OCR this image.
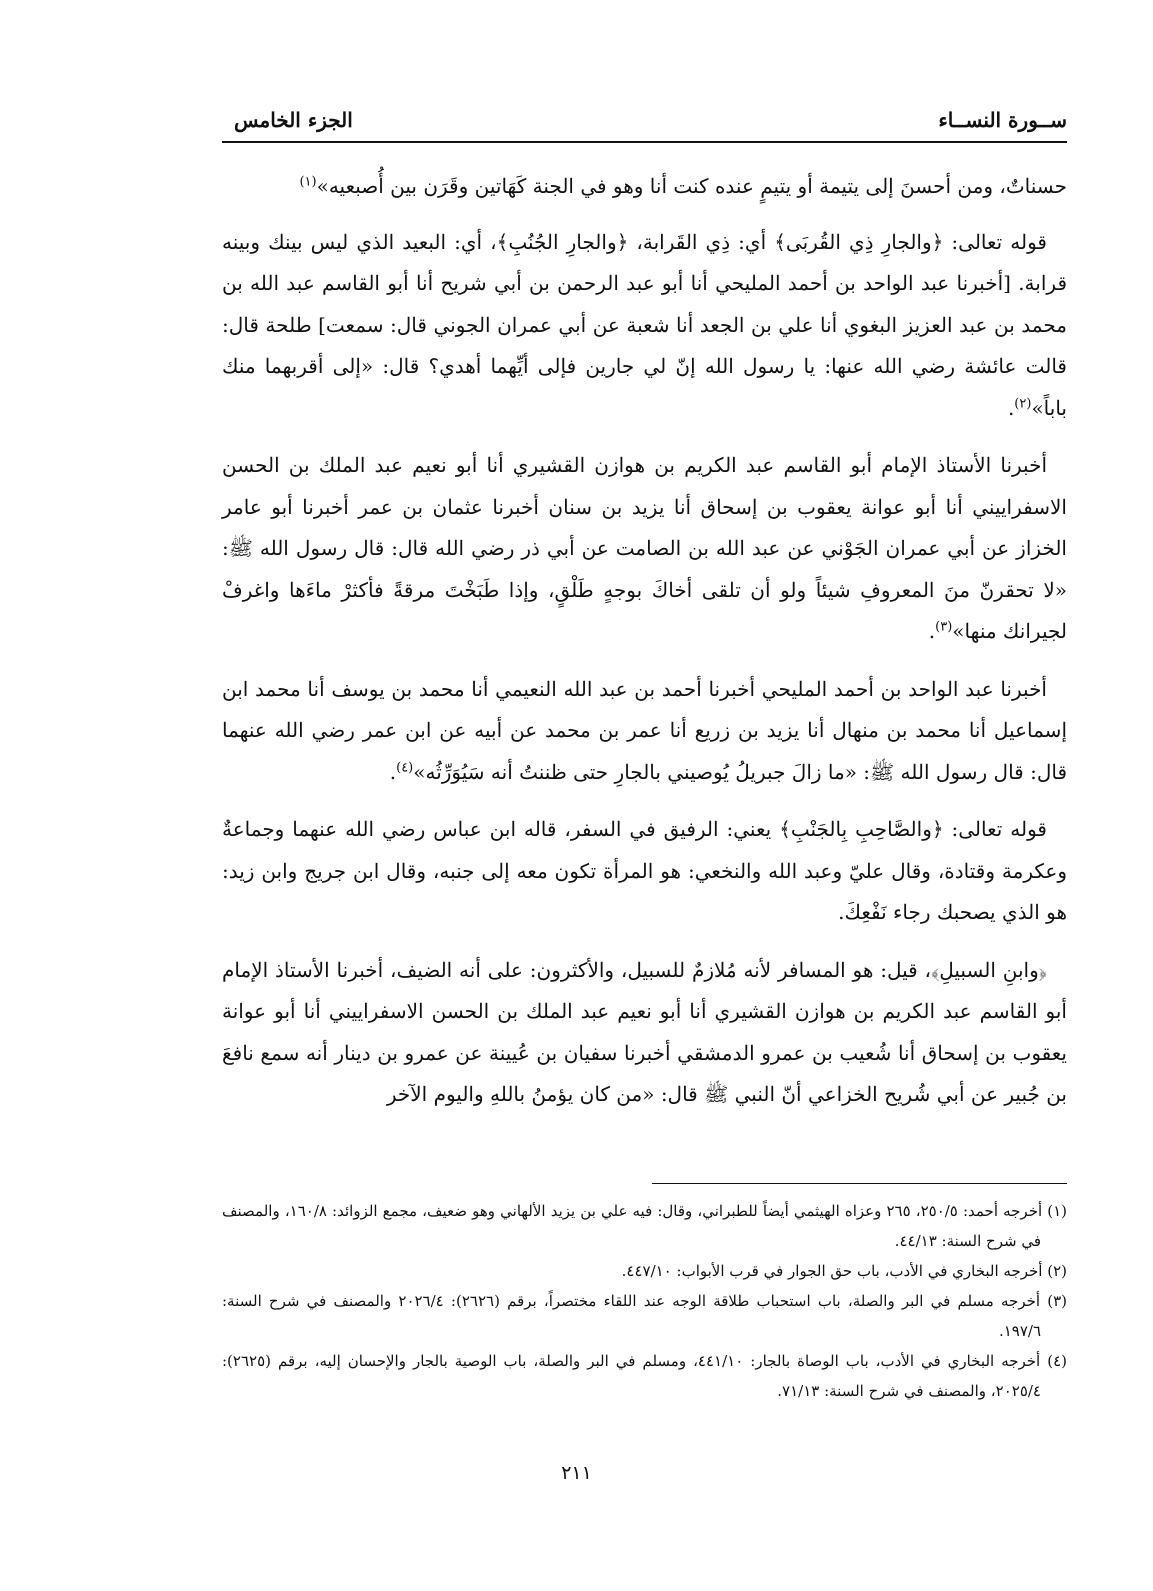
ســورة النســاء
الجزء الخامس

حسناتٌ، ومن أحسنَ إلى يتيمة أو يتيمٍ عنده كنت أنا وهو في الجنة كَهَاتين وقَرَن بين أُصبعيه»$^{(١)}$

قوله تعالى: ﴿والجارِ ذِي القُربَى﴾ أي: ذِي القَرابة، ﴿والجارِ الجُنُبِ﴾، أي: البعيد الذي ليس بينك وبينه قرابة. [أخبرنا عبد الواحد بن أحمد المليحي أنا أبو عبد الرحمن بن أبي شريح أنا أبو القاسم عبد الله بن محمد بن عبد العزيز البغوي أنا علي بن الجعد أنا شعبة عن أبي عمران الجوني قال: سمعت] طلحة قال: قالت عائشة رضي الله عنها: يا رسول الله إنّ لي جارين فإلى أيِّهما أهدي؟ قال: «إلى أقربهما منك باباً»$^{(٢)}$.

أخبرنا الأستاذ الإمام أبو القاسم عبد الكريم بن هوازن القشيري أنا أبو نعيم عبد الملك بن الحسن الاسفراييني أنا أبو عوانة يعقوب بن إسحاق أنا يزيد بن سنان أخبرنا عثمان بن عمر أخبرنا أبو عامر الخزاز عن أبي عمران الجَوْني عن عبد الله بن الصامت عن أبي ذر رضي الله قال: قال رسول الله ﷺ: «لا تحقرنّ منَ المعروفِ شيئاً ولو أن تلقى أخاكَ بوجهٍ طَلْقٍ، وإذا طَبَخْتَ مرقةً فأكثرْ ماءَها واغرفْ لجيرانك منها»$^{(٣)}$.

أخبرنا عبد الواحد بن أحمد المليحي أخبرنا أحمد بن عبد الله النعيمي أنا محمد بن يوسف أنا محمد ابن إسماعيل أنا محمد بن منهال أنا يزيد بن زريع أنا عمر بن محمد عن أبيه عن ابن عمر رضي الله عنهما قال: قال رسول الله ﷺ: «ما زالَ جبريلُ يُوصيني بالجارِ حتى ظننتُ أنه سَيُوَرِّثُه»$^{(٤)}$.

قوله تعالى: ﴿والصَّاحِبِ بِالجَنْبِ﴾ يعني: الرفيق في السفر، قاله ابن عباس رضي الله عنهما وجماعةٌ وعكرمة وقتادة، وقال عليّ وعبد الله والنخعي: هو المرأة تكون معه إلى جنبه، وقال ابن جريج وابن زيد: هو الذي يصحبك رجاء نَفْعِكَ.

﴿وابنِ السبيلِ﴾، قيل: هو المسافر لأنه مُلازمٌ للسبيل، والأكثرون: على أنه الضيف، أخبرنا الأستاذ الإمام أبو القاسم عبد الكريم بن هوازن القشيري أنا أبو نعيم عبد الملك بن الحسن الاسفراييني أنا أبو عوانة يعقوب بن إسحاق أنا شُعيب بن عمرو الدمشقي أخبرنا سفيان بن عُيينة عن عمرو بن دينار أنه سمع نافعَ بن جُبير عن أبي شُريح الخزاعي أنّ النبي ﷺ قال: «من كان يؤمنُ باللهِ واليوم الآخر

(١) أخرجه أحمد: ٢٥٠/٥، ٢٦٥ وعزاه الهيثمي أيضاً للطبراني، وقال: فيه علي بن يزيد الألهاني وهو ضعيف، مجمع الزوائد: ١٦٠/٨، والمصنف في شرح السنة: ٤٤/١٣.

(٢) أخرجه البخاري في الأدب، باب حق الجوار في قرب الأبواب: ٤٤٧/١٠.

(٣) أخرجه مسلم في البر والصلة، باب استحباب طلاقة الوجه عند اللقاء مختصراً، برقم (٢٦٢٦): ٢٠٢٦/٤ والمصنف في شرح السنة: ١٩٧/٦.

(٤) أخرجه البخاري في الأدب، باب الوصاة بالجار: ٤٤١/١٠، ومسلم في البر والصلة، باب الوصية بالجار والإحسان إليه، برقم (٢٦٢٥): ٢٠٢٥/٤، والمصنف في شرح السنة: ٧١/١٣.

٢١١
